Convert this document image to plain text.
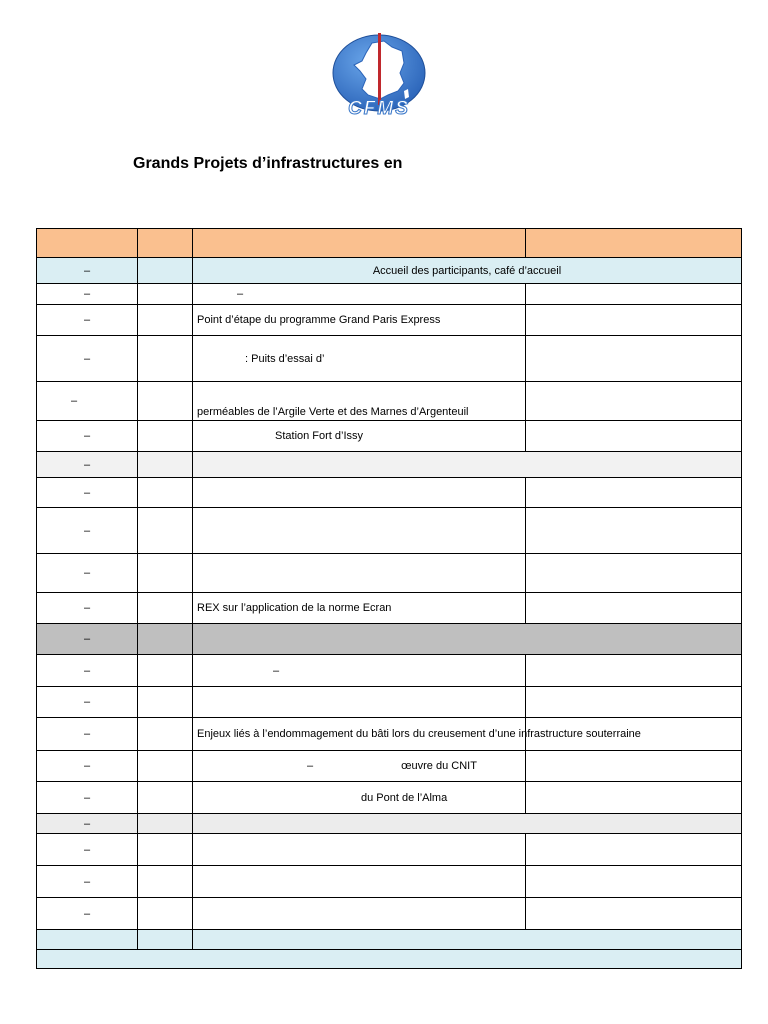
CFMS
Grands Projets d’infrastructures en

–		Accueil des participants, café d’accueil	
–		–	
–		Point d’étape du programme Grand Paris Express	
–		: Puits d’essai d’	
–		perméables de l’Argile Verte et des Marnes d’Argenteuil	
–		Station Fort d’Issy	
–			
–			
–			
–			
–		REX sur l’application de la norme Ecran	
–			
–		–	
–			
–		Enjeux liés à l’endommagement du bâti lors du creusement d’une infrastructure souterraine	
–		– œuvre du CNIT	
–		du Pont de l’Alma	
–			
–			
–			
–			
